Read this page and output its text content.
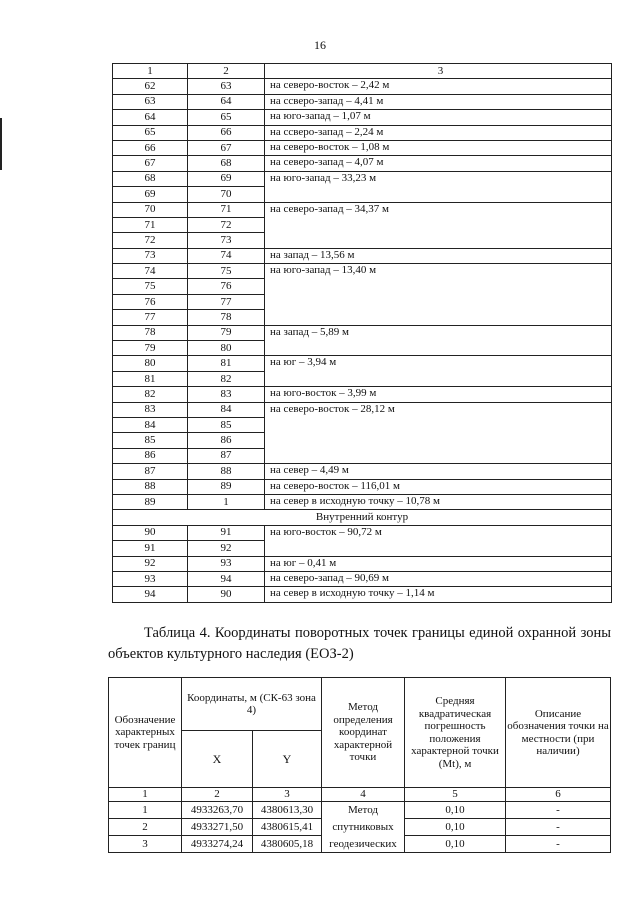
16
1	2	3
62	63	на северо-восток – 2,42 м
63	64	на ссверо-запад – 4,41 м
64	65	на юго-запад – 1,07 м
65	66	на ссверо-запад – 2,24 м
66	67	на северо-восток – 1,08 м
67	68	на северо-запад – 4,07 м
68	69	на юго-запад – 33,23 м
69	70	
70	71	на северо-запад – 34,37 м
71	72	
72	73	
73	74	на запад – 13,56 м
74	75	на юго-запад – 13,40 м
75	76	
76	77	
77	78	
78	79	на запад – 5,89 м
79	80	
80	81	на юг – 3,94 м
81	82	
82	83	на юго-восток – 3,99 м
83	84	на северо-восток – 28,12 м
84	85	
85	86	
86	87	
87	88	на север – 4,49 м
88	89	на северо-восток – 116,01 м
89	1	на север в исходную точку – 10,78 м
Внутренний контур		
90	91	на юго-восток – 90,72 м
91	92	
92	93	на юг – 0,41 м
93	94	на северо-запад – 90,69 м
94	90	на север в исходную точку – 1,14 м
Таблица 4. Координаты поворотных точек границы единой охранной зоны объектов культурного наследия (ЕОЗ-2)
Обозначение характерных точек границ	Координаты, м (СК-63 зона 4)		Метод определения координат характерной точки	Средняя квадратическая погрешность положения характерной точки (Mt), м	Описание обозначения точки на местности (при наличии)
	X	Y			
1	2	3	4	5	6
1	4933263,70	4380613,30	Метод	0,10	-
2	4933271,50	4380615,41	спутниковых	0,10	-
3	4933274,24	4380605,18	геодезических	0,10	-
